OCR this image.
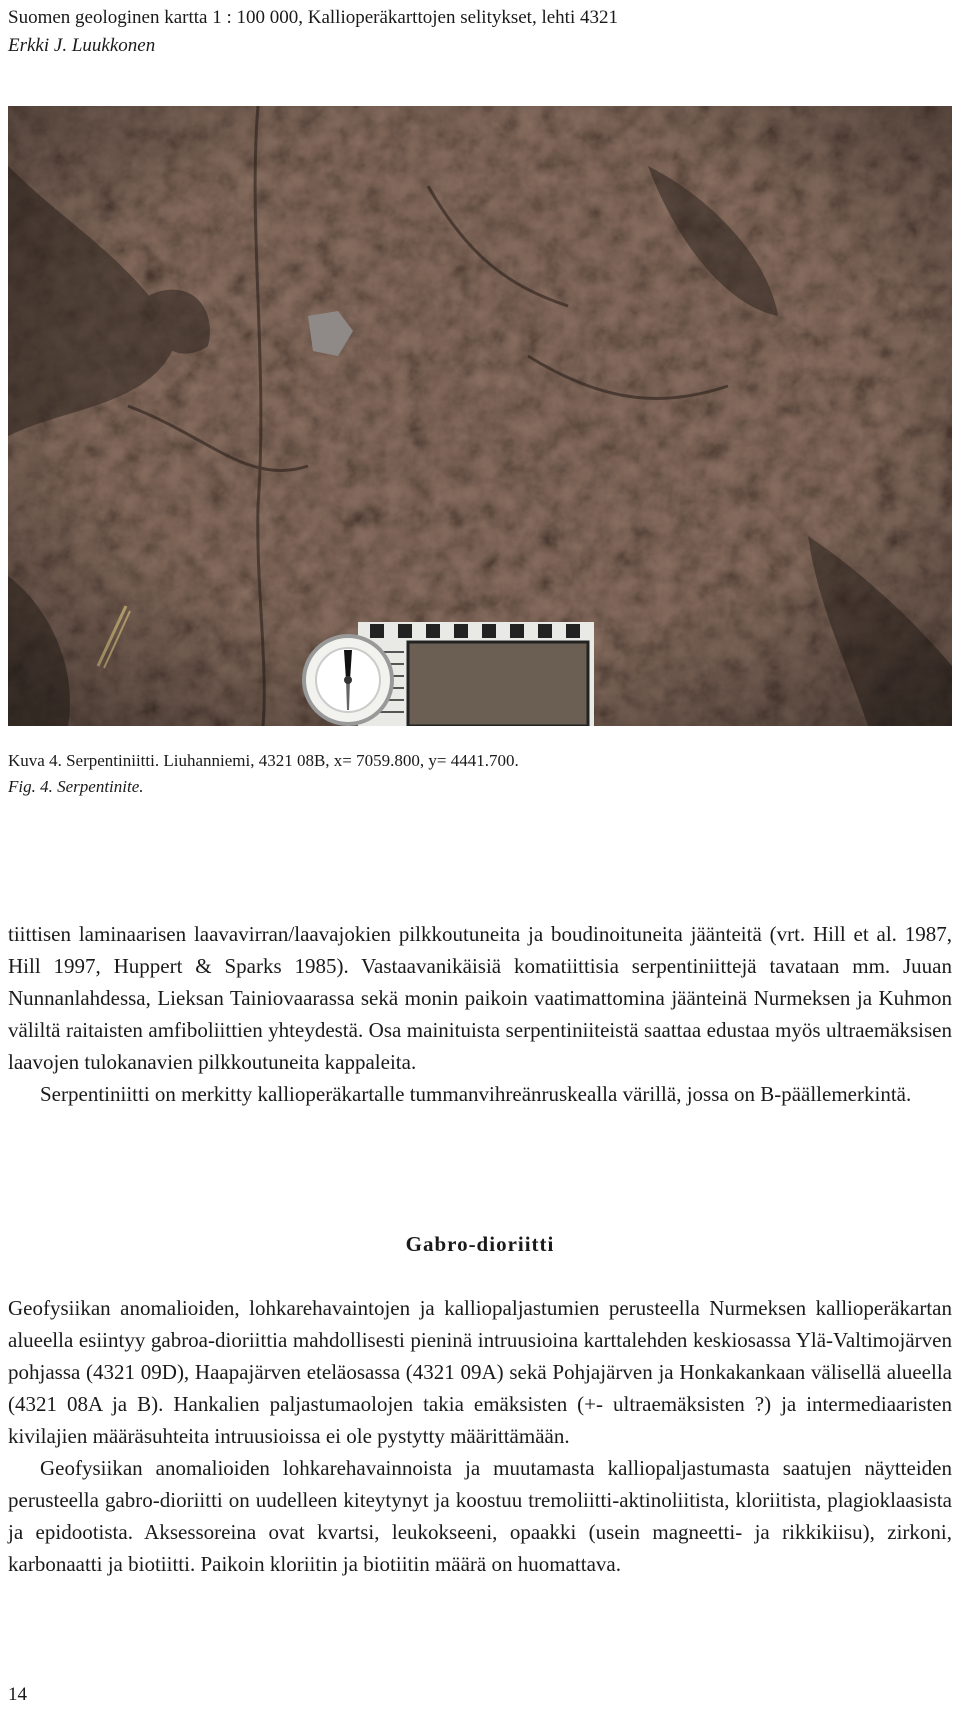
Suomen geologinen kartta 1 : 100 000, Kallioperäkarttojen selitykset, lehti 4321
Erkki J. Luukkonen
Kuva 4. Serpentiniitti. Liuhanniemi, 4321 08B, x= 7059.800, y= 4441.700.
Fig. 4. Serpentinite.

tiittisen laminaarisen laavavirran/laavajokien pilkkoutuneita ja boudinoituneita jäänteitä (vrt. Hill et al. 1987, Hill 1997, Huppert & Sparks 1985). Vastaavanikäisiä komatiittisia serpentiniittejä tavataan mm. Juuan Nunnanlahdessa, Lieksan Tainiovaarassa sekä monin paikoin vaatimattomina jäänteinä Nurmeksen ja Kuhmon väliltä raitaisten amfiboliittien yhteydestä. Osa mainituista serpentiniiteistä saattaa edustaa myös ultraemäksisen laavojen tulokanavien pilkkoutuneita kappaleita.

Serpentiniitti on merkitty kallioperäkartalle tummanvihreänruskealla värillä, jossa on B-päällemerkintä.

Gabro-dioriitti

Geofysiikan anomalioiden, lohkarehavaintojen ja kalliopaljastumien perusteella Nurmeksen kallioperäkartan alueella esiintyy gabroa-dioriittia mahdollisesti pieninä intruusioina karttalehden keskiosassa Ylä-Valtimojärven pohjassa (4321 09D), Haapajärven eteläosassa (4321 09A) sekä Pohjajärven ja Honkakankaan välisellä alueella (4321 08A ja B). Hankalien paljastumaolojen takia emäksisten (+- ultraemäksisten ?) ja intermediaaristen kivilajien määräsuhteita intruusioissa ei ole pystytty määrittämään.

Geofysiikan anomalioiden lohkarehavainnoista ja muutamasta kalliopaljastumasta saatujen näytteiden perusteella gabro-dioriitti on uudelleen kiteytynyt ja koostuu tremoliitti-aktinoliitista, kloriitista, plagioklaasista ja epidootista. Aksessoreina ovat kvartsi, leukokseeni, opaakki (usein magneetti- ja rikkikiisu), zirkoni, karbonaatti ja biotiitti. Paikoin kloriitin ja biotiitin määrä on huomattava.

14
